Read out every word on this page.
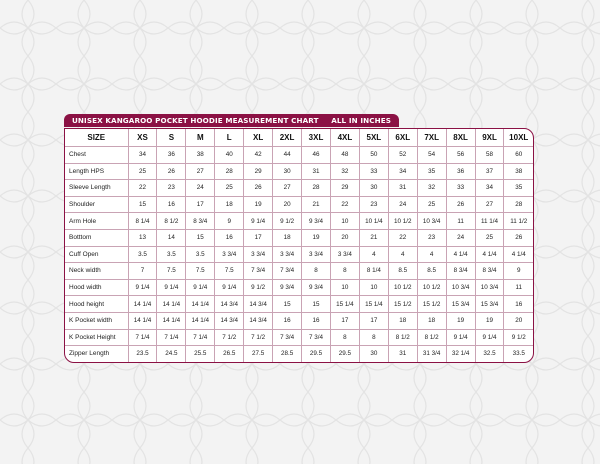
UNISEX KANGAROO POCKET HOODIE MEASUREMENT CHART ALL IN INCHES
SIZE	XS	S	M	L	XL	2XL	3XL	4XL	5XL	6XL	7XL	8XL	9XL	10XL
Chest	34	36	38	40	42	44	46	48	50	52	54	56	58	60
Length HPS	25	26	27	28	29	30	31	32	33	34	35	36	37	38
Sleeve Length	22	23	24	25	26	27	28	29	30	31	32	33	34	35
Shoulder	15	16	17	18	19	20	21	22	23	24	25	26	27	28
Arm Hole	8 1/4	8 1/2	8 3/4	9	9 1/4	9 1/2	9 3/4	10	10 1/4	10 1/2	10 3/4	11	11 1/4	11 1/2
Botttom	13	14	15	16	17	18	19	20	21	22	23	24	25	26
Cuff Open	3.5	3.5	3.5	3 3/4	3 3/4	3 3/4	3 3/4	3 3/4	4	4	4	4 1/4	4 1/4	4 1/4
Neck width	7	7.5	7.5	7.5	7 3/4	7 3/4	8	8	8 1/4	8.5	8.5	8 3/4	8 3/4	9
Hood width	9 1/4	9 1/4	9 1/4	9 1/4	9 1/2	9 3/4	9 3/4	10	10	10 1/2	10 1/2	10 3/4	10 3/4	11
Hood height	14 1/4	14 1/4	14 1/4	14 3/4	14 3/4	15	15	15 1/4	15 1/4	15 1/2	15 1/2	15 3/4	15 3/4	16
K Pocket width	14 1/4	14 1/4	14 1/4	14 3/4	14 3/4	16	16	17	17	18	18	19	19	20
K Pocket Height	7 1/4	7 1/4	7 1/4	7 1/2	7 1/2	7 3/4	7 3/4	8	8	8 1/2	8 1/2	9 1/4	9 1/4	9 1/2
Zipper Length	23.5	24.5	25.5	26.5	27.5	28.5	29.5	29.5	30	31	31 3/4	32 1/4	32.5	33.5
